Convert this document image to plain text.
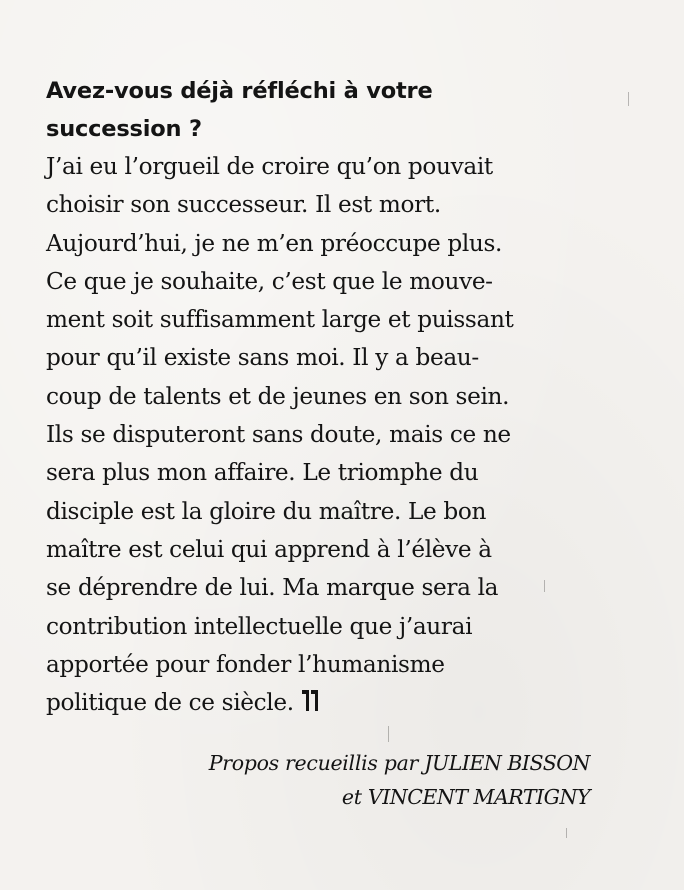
Avez-vous déjà réfléchi à votre
succession ?

J’ai eu l’orgueil de croire qu’on pouvait
choisir son successeur. Il est mort.
Aujourd’hui, je ne m’en préoccupe plus.
Ce que je souhaite, c’est que le mouve-
ment soit suffisamment large et puissant
pour qu’il existe sans moi. Il y a beau-
coup de talents et de jeunes en son sein.
Ils se disputeront sans doute, mais ce ne
sera plus mon affaire. Le triomphe du
disciple est la gloire du maître. Le bon
maître est celui qui apprend à l’élève à
se déprendre de lui. Ma marque sera la
contribution intellectuelle que j’aurai
apportée pour fonder l’humanisme
politique de ce siècle.

Propos recueillis par JULIEN BISSON et VINCENT MARTIGNY
